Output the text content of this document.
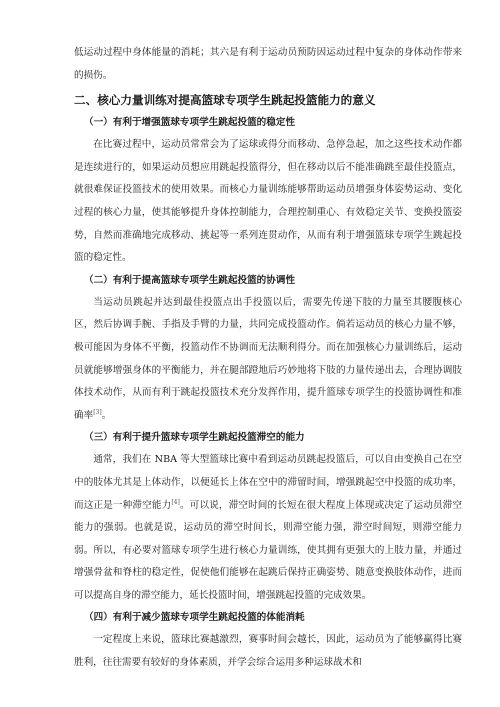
低运动过程中身体能量的消耗；其六是有利于运动员预防因运动过程中复杂的身体动作带来的损伤。

二、核心力量训练对提高篮球专项学生跳起投篮能力的意义
（一）有利于增强篮球专项学生跳起投篮的稳定性

在比赛过程中，运动员常常会为了运球或得分而移动、急停急起，加之这些技术动作都是连续进行的，如果运动员想应用跳起投篮得分，但在移动以后不能准确跳至最佳投篮点，就很难保证投篮技术的使用效果。而核心力量训练能够帮助运动员增强身体姿势运动、变化过程的核心力量，使其能够提升身体控制能力，合理控制重心、有效稳定关节、变换投篮姿势，自然而准确地完成移动、挑起等一系列连贯动作，从而有利于增强篮球专项学生跳起投篮的稳定性。

（二）有利于提高篮球专项学生跳起投篮的协调性

当运动员跳起并达到最佳投篮点出手投篮以后，需要先传递下肢的力量至其腰腹核心区，然后协调手腕、手指及手臂的力量，共同完成投篮动作。倘若运动员的核心力量不够，极可能因为身体不平衡，投篮动作不协调而无法顺利得分。而在加强核心力量训练后，运动员就能够增强身体的平衡能力，并在腿部蹬地后巧妙地将下肢的力量传递出去，合理协调肢体技术动作，从而有利于跳起投篮技术充分发挥作用，提升篮球专项学生的投篮协调性和准确率[3]。

（三）有利于提升篮球专项学生跳起投篮滞空的能力

通常，我们在 NBA 等大型篮球比赛中看到运动员跳起投篮后，可以自由变换自己在空中的肢体尤其是上体动作，以便延长上体在空中的滞留时间，增强跳起空中投篮的成功率，而这正是一种滞空能力[4]。可以说，滞空时间的长短在很大程度上体现或决定了运动员滞空能力的强弱。也就是说，运动员的滞空时间长，则滞空能力强，滞空时间短，则滞空能力弱。所以，有必要对篮球专项学生进行核心力量训练，使其拥有更强大的上肢力量，并通过增强骨盆和脊柱的稳定性，促使他们能够在起跳后保持正确姿势、随意变换肢体动作，进而可以提高自身的滞空能力，延长投篮时间，增强跳起投篮的完成效果。

（四）有利于减少篮球专项学生跳起投篮的体能消耗

一定程度上来说，篮球比赛越激烈，赛事时间会越长，因此，运动员为了能够赢得比赛胜利，往往需要有较好的身体素质，并学会综合运用多种运球战术和
